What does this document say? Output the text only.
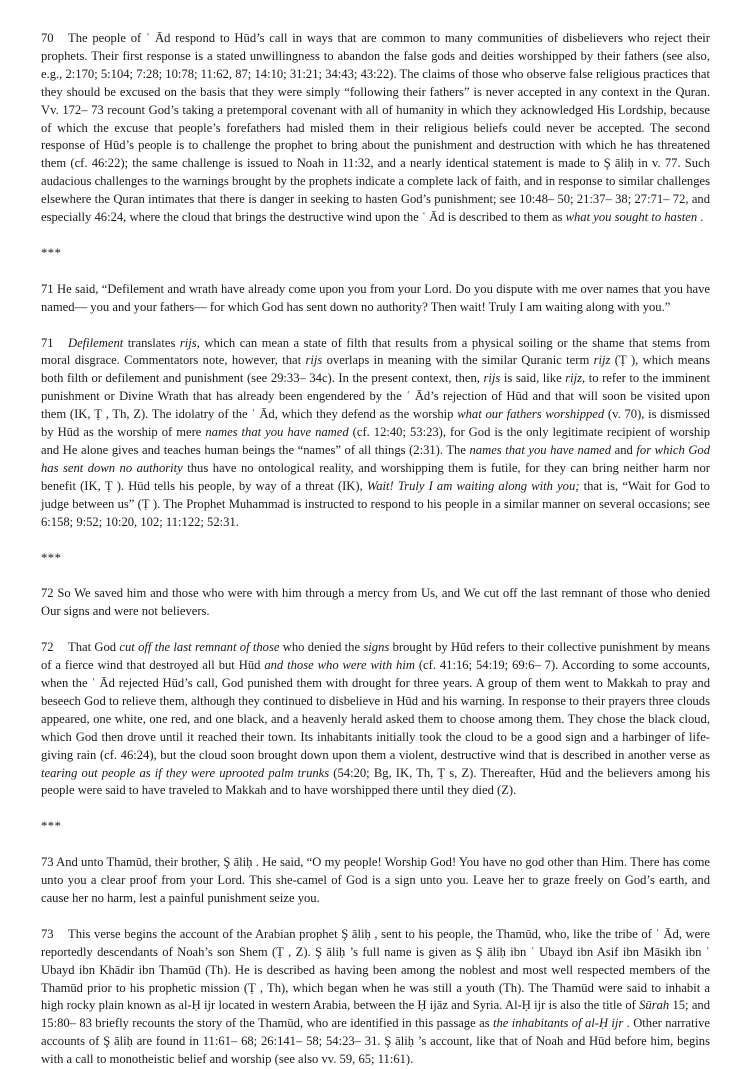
70 The people of ʿ Ād respond to Hūd’s call in ways that are common to many communities of disbelievers who reject their prophets. Their first response is a stated unwillingness to abandon the false gods and deities worshipped by their fathers (see also, e.g., 2:170; 5:104; 7:28; 10:78; 11:62, 87; 14:10; 31:21; 34:43; 43:22). The claims of those who observe false religious practices that they should be excused on the basis that they were simply “following their fathers” is never accepted in any context in the Quran. Vv. 172– 73 recount God’s taking a pretemporal covenant with all of humanity in which they acknowledged His Lordship, because of which the excuse that people’s forefathers had misled them in their religious beliefs could never be accepted. The second response of Hūd’s people is to challenge the prophet to bring about the punishment and destruction with which he has threatened them (cf. 46:22); the same challenge is issued to Noah in 11:32, and a nearly identical statement is made to Ş āliḥ in v. 77. Such audacious challenges to the warnings brought by the prophets indicate a complete lack of faith, and in response to similar challenges elsewhere the Quran intimates that there is danger in seeking to hasten God’s punishment; see 10:48– 50; 21:37– 38; 27:71– 72, and especially 46:24, where the cloud that brings the destructive wind upon the ʿ Ād is described to them as what you sought to hasten .

***

71 He said, “Defilement and wrath have already come upon you from your Lord. Do you dispute with me over names that you have named— you and your fathers— for which God has sent down no authority? Then wait! Truly I am waiting along with you.”

71 Defilement translates rijs, which can mean a state of filth that results from a physical soiling or the shame that stems from moral disgrace. Commentators note, however, that rijs overlaps in meaning with the similar Quranic term rijz (Ṭ ), which means both filth or defilement and punishment (see 29:33– 34c). In the present context, then, rijs is said, like rijz, to refer to the imminent punishment or Divine Wrath that has already been engendered by the ʿ Ād’s rejection of Hūd and that will soon be visited upon them (IK, Ṭ , Th, Z). The idolatry of the ʿ Ād, which they defend as the worship what our fathers worshipped (v. 70), is dismissed by Hūd as the worship of mere names that you have named (cf. 12:40; 53:23), for God is the only legitimate recipient of worship and He alone gives and teaches human beings the “names” of all things (2:31). The names that you have named and for which God has sent down no authority thus have no ontological reality, and worshipping them is futile, for they can bring neither harm nor benefit (IK, Ṭ ). Hūd tells his people, by way of a threat (IK), Wait! Truly I am waiting along with you; that is, “Wait for God to judge between us” (Ṭ ). The Prophet Muhammad is instructed to respond to his people in a similar manner on several occasions; see 6:158; 9:52; 10:20, 102; 11:122; 52:31.

***

72 So We saved him and those who were with him through a mercy from Us, and We cut off the last remnant of those who denied Our signs and were not believers.

72 That God cut off the last remnant of those who denied the signs brought by Hūd refers to their collective punishment by means of a fierce wind that destroyed all but Hūd and those who were with him (cf. 41:16; 54:19; 69:6– 7). According to some accounts, when the ʿ Ād rejected Hūd’s call, God punished them with drought for three years. A group of them went to Makkah to pray and beseech God to relieve them, although they continued to disbelieve in Hūd and his warning. In response to their prayers three clouds appeared, one white, one red, and one black, and a heavenly herald asked them to choose among them. They chose the black cloud, which God then drove until it reached their town. Its inhabitants initially took the cloud to be a good sign and a harbinger of life-giving rain (cf. 46:24), but the cloud soon brought down upon them a violent, destructive wind that is described in another verse as tearing out people as if they were uprooted palm trunks (54:20; Bg, IK, Th, Ṭ s, Z). Thereafter, Hūd and the believers among his people were said to have traveled to Makkah and to have worshipped there until they died (Z).

***

73 And unto Thamūd, their brother, Ş āliḥ . He said, “O my people! Worship God! You have no god other than Him. There has come unto you a clear proof from your Lord. This she-camel of God is a sign unto you. Leave her to graze freely on God’s earth, and cause her no harm, lest a painful punishment seize you.

73 This verse begins the account of the Arabian prophet Ş āliḥ , sent to his people, the Thamūd, who, like the tribe of ʿ Ād, were reportedly descendants of Noah’s son Shem (Ṭ , Z). Ş āliḥ ’s full name is given as Ş āliḥ ibn ʿ Ubayd ibn Asif ibn Māsikh ibn ʿ Ubayd ibn Khādir ibn Thamūd (Th). He is described as having been among the noblest and most well respected members of the Thamūd prior to his prophetic mission (Ṭ , Th), which began when he was still a youth (Th). The Thamūd were said to inhabit a high rocky plain known as al-Ḥ ijr located in western Arabia, between the Ḥ ijāz and Syria. Al-Ḥ ijr is also the title of Sūrah 15; and 15:80– 83 briefly recounts the story of the Thamūd, who are identified in this passage as the inhabitants of al-Ḥ ijr . Other narrative accounts of Ş āliḥ are found in 11:61– 68; 26:141– 58; 54:23– 31. Ş āliḥ ’s account, like that of Noah and Hūd before him, begins with a call to monotheistic belief and worship (see also vv. 59, 65; 11:61).
